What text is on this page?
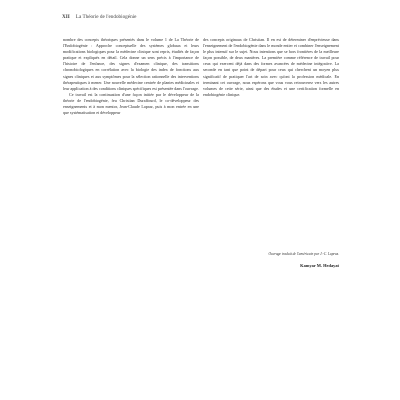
XII La Théorie de l'endobiogénie

nombre des concepts théoriques présentés dans le volume 1 de La Théorie de l'Endobiogénie : Approche conceptuelle des systèmes globaux et leurs modifications biologiques pour la médecine clinique sont repris, étudiés de façon pratique et expliqués en détail. Cela donne un sens précis à l'importance de l'histoire de l'enfance, des signes d'examen clinique, des transitions chronobiologiques en corrélation avec la biologie des index de fonctions aux signes cliniques et aux symptômes pour la sélection rationnelle des interventions thérapeutiques à mener. Une nouvelle médecine centrée de plantes médicinales et leur application à des conditions cliniques spécifiques est présentée dans l'ouvrage.

Ce travail est la continuation d'une façon initiée par le développeur de la théorie de l'endobiogénie, feu Christian Duraffourd, le co-développeur des enseignements et à mon mentor, Jean-Claude Lapraz, puis à mon entrée en une que systématisation et développeur

des concepts originaux de Christian. Il en est de déterminer d'enprécieuse dans l'enseignement de l'endobiogénie dans le monde entier et combiner l'enseignement le plus intensif sur le sujet. Nous intentions que se hors frontières de la meilleure façon possible, de deux manières. La première comme référence de travail pour ceux qui exercent déjà dans des formes avancées de médecine intégrative. La seconde en tant que point de départ pour ceux qui cherchent un moyen plus significatif de pratiquer l'art de soin avec qu'ont la profession médicale. En terminant cet ouvrage, nous espérons que vous vous retrouverez vers les autres volumes de cette série, ainsi que des études et une certification formelle en endobiogénie clinique.

Ouvrage traduit de l'américain par J.-C. Lapraz.
Kamyar M. Hedayat
